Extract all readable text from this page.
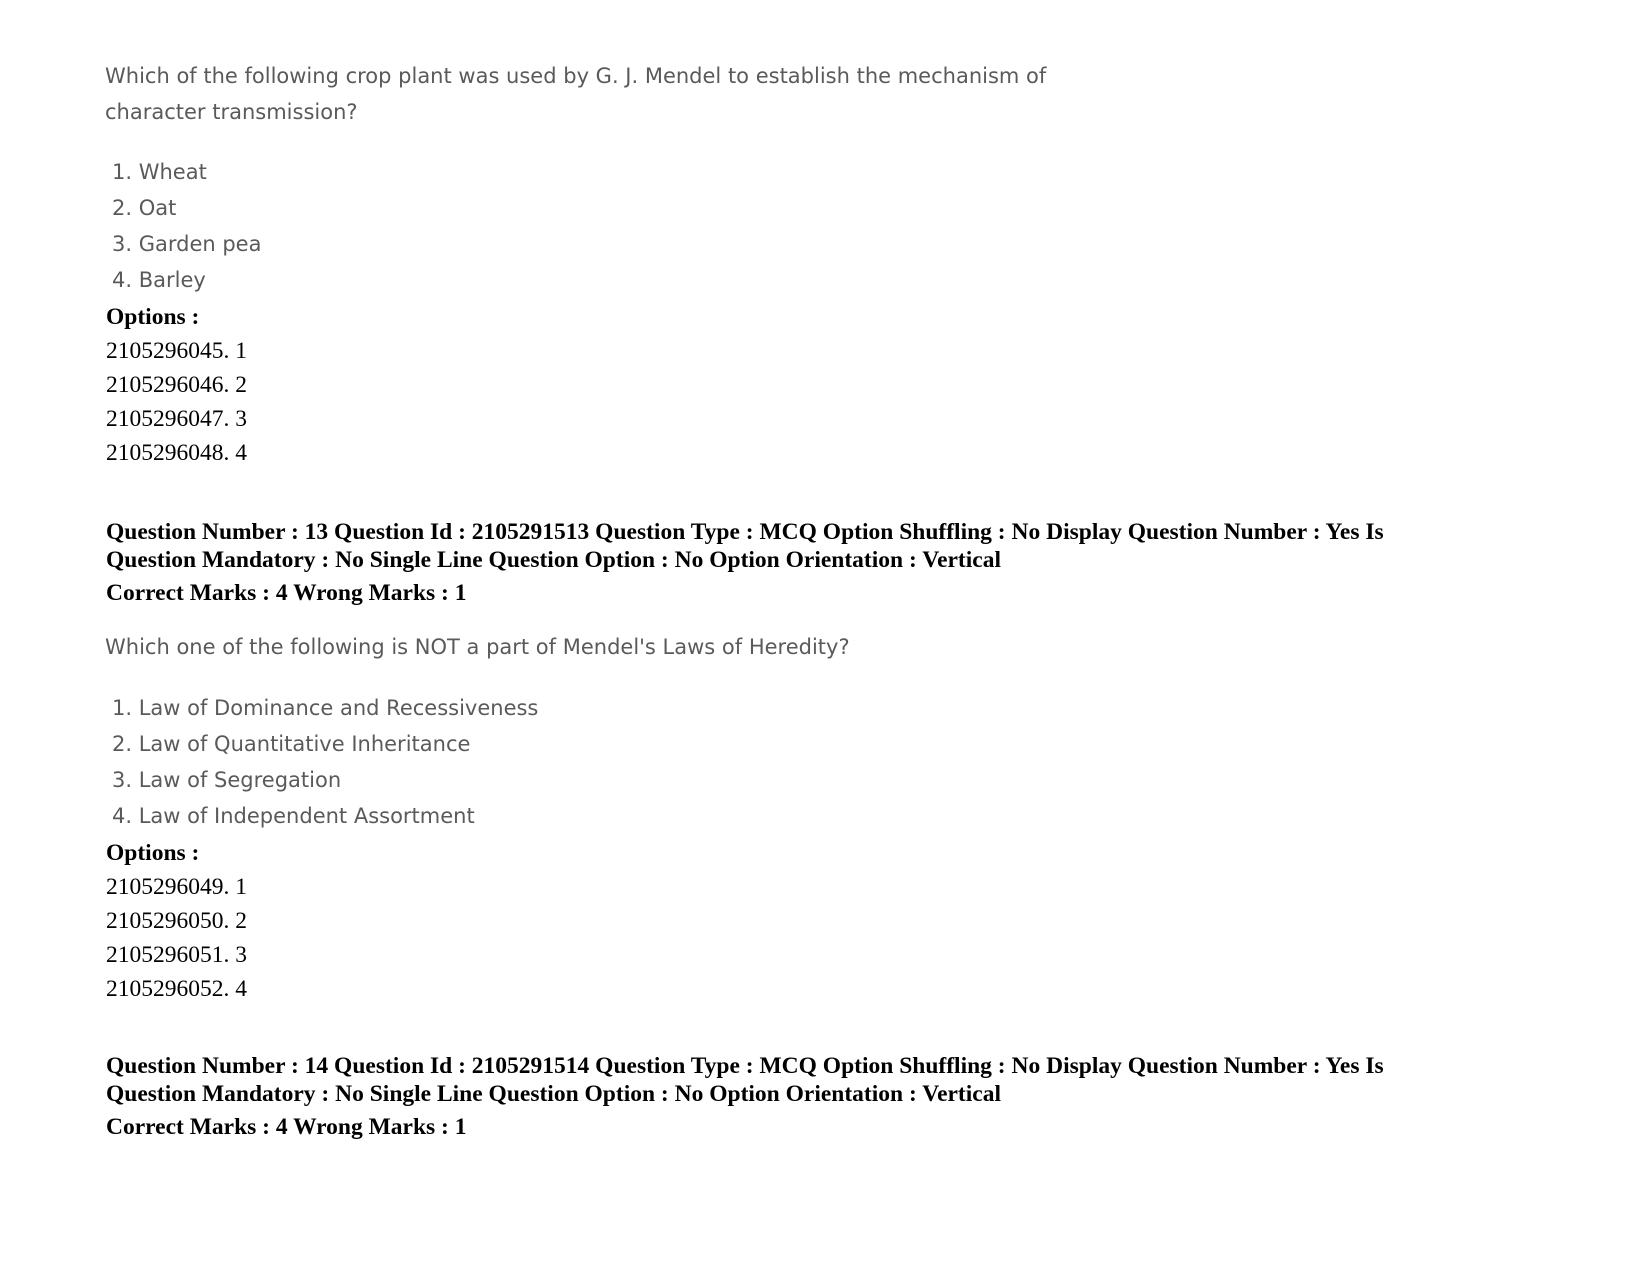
Which of the following crop plant was used by G. J. Mendel to establish the mechanism of
character transmission?
1. Wheat
2. Oat
3. Garden pea
4. Barley
Options :
2105296045. 1
2105296046. 2
2105296047. 3
2105296048. 4
Question Number : 13 Question Id : 2105291513 Question Type : MCQ Option Shuffling : No Display Question Number : Yes Is
Question Mandatory : No Single Line Question Option : No Option Orientation : Vertical
Correct Marks : 4 Wrong Marks : 1
Which one of the following is NOT a part of Mendel's Laws of Heredity?
1. Law of Dominance and Recessiveness
2. Law of Quantitative Inheritance
3. Law of Segregation
4. Law of Independent Assortment
Options :
2105296049. 1
2105296050. 2
2105296051. 3
2105296052. 4
Question Number : 14 Question Id : 2105291514 Question Type : MCQ Option Shuffling : No Display Question Number : Yes Is
Question Mandatory : No Single Line Question Option : No Option Orientation : Vertical
Correct Marks : 4 Wrong Marks : 1
